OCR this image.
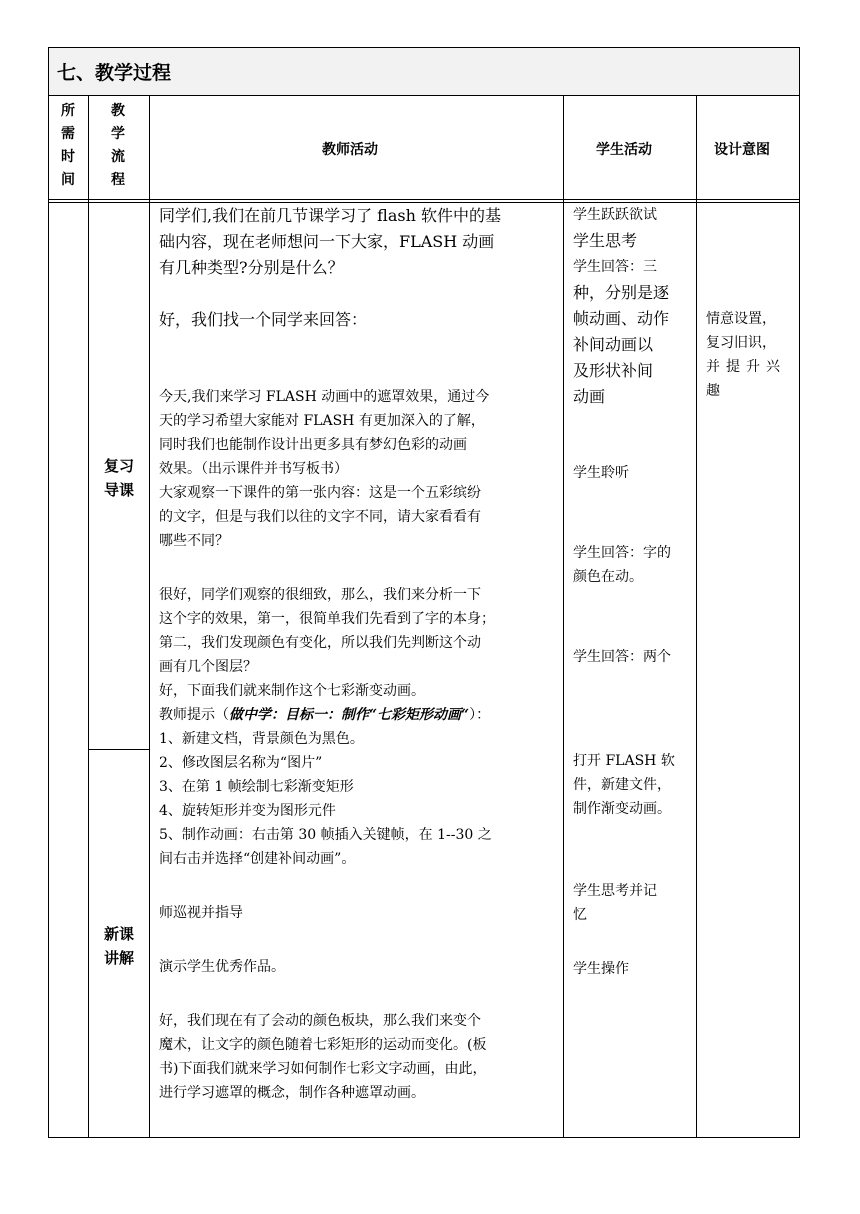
七、教学过程
所
需
时
间
教
学
流
程
教师活动	学生活动	设计意图
复习
导课
新课
讲解
同学们,我们在前几节课学习了 flash 软件中的基
础内容，现在老师想问一下大家，FLASH 动画
有几种类型?分别是什么？
好，我们找一个同学来回答：
今天,我们来学习 FLASH 动画中的遮罩效果，通过今
天的学习希望大家能对 FLASH 有更加深入的了解，
同时我们也能制作设计出更多具有梦幻色彩的动画
效果。（出示课件并书写板书）
大家观察一下课件的第一张内容：这是一个五彩缤纷
的文字，但是与我们以往的文字不同，请大家看看有
哪些不同？
很好，同学们观察的很细致，那么，我们来分析一下
这个字的效果，第一，很简单我们先看到了字的本身；
第二，我们发现颜色有变化，所以我们先判断这个动
画有几个图层？
好，下面我们就来制作这个七彩渐变动画。
教师提示（做中学：目标一：制作“七彩矩形动画“）：
1、新建文档，背景颜色为黑色。
2、修改图层名称为“图片”
3、在第 1 帧绘制七彩渐变矩形
4、旋转矩形并变为图形元件
5、制作动画：右击第 30 帧插入关键帧，在 1--30 之
间右击并选择“创建补间动画”。
师巡视并指导
演示学生优秀作品。
好，我们现在有了会动的颜色板块，那么我们来变个
魔术，让文字的颜色随着七彩矩形的运动而变化。(板
书)下面我们就来学习如何制作七彩文字动画，由此，
进行学习遮罩的概念，制作各种遮罩动画。
学生跃跃欲试
学生思考
学生回答：三
种，分别是逐
帧动画、动作
补间动画以
及形状补间
动画
学生聆听
学生回答：字的
颜色在动。
学生回答：两个
打开 FLASH 软
件，新建文件，
制作渐变动画。
学生思考并记
忆
学生操作
情意设置，
复习旧识，
并提升兴
趣
